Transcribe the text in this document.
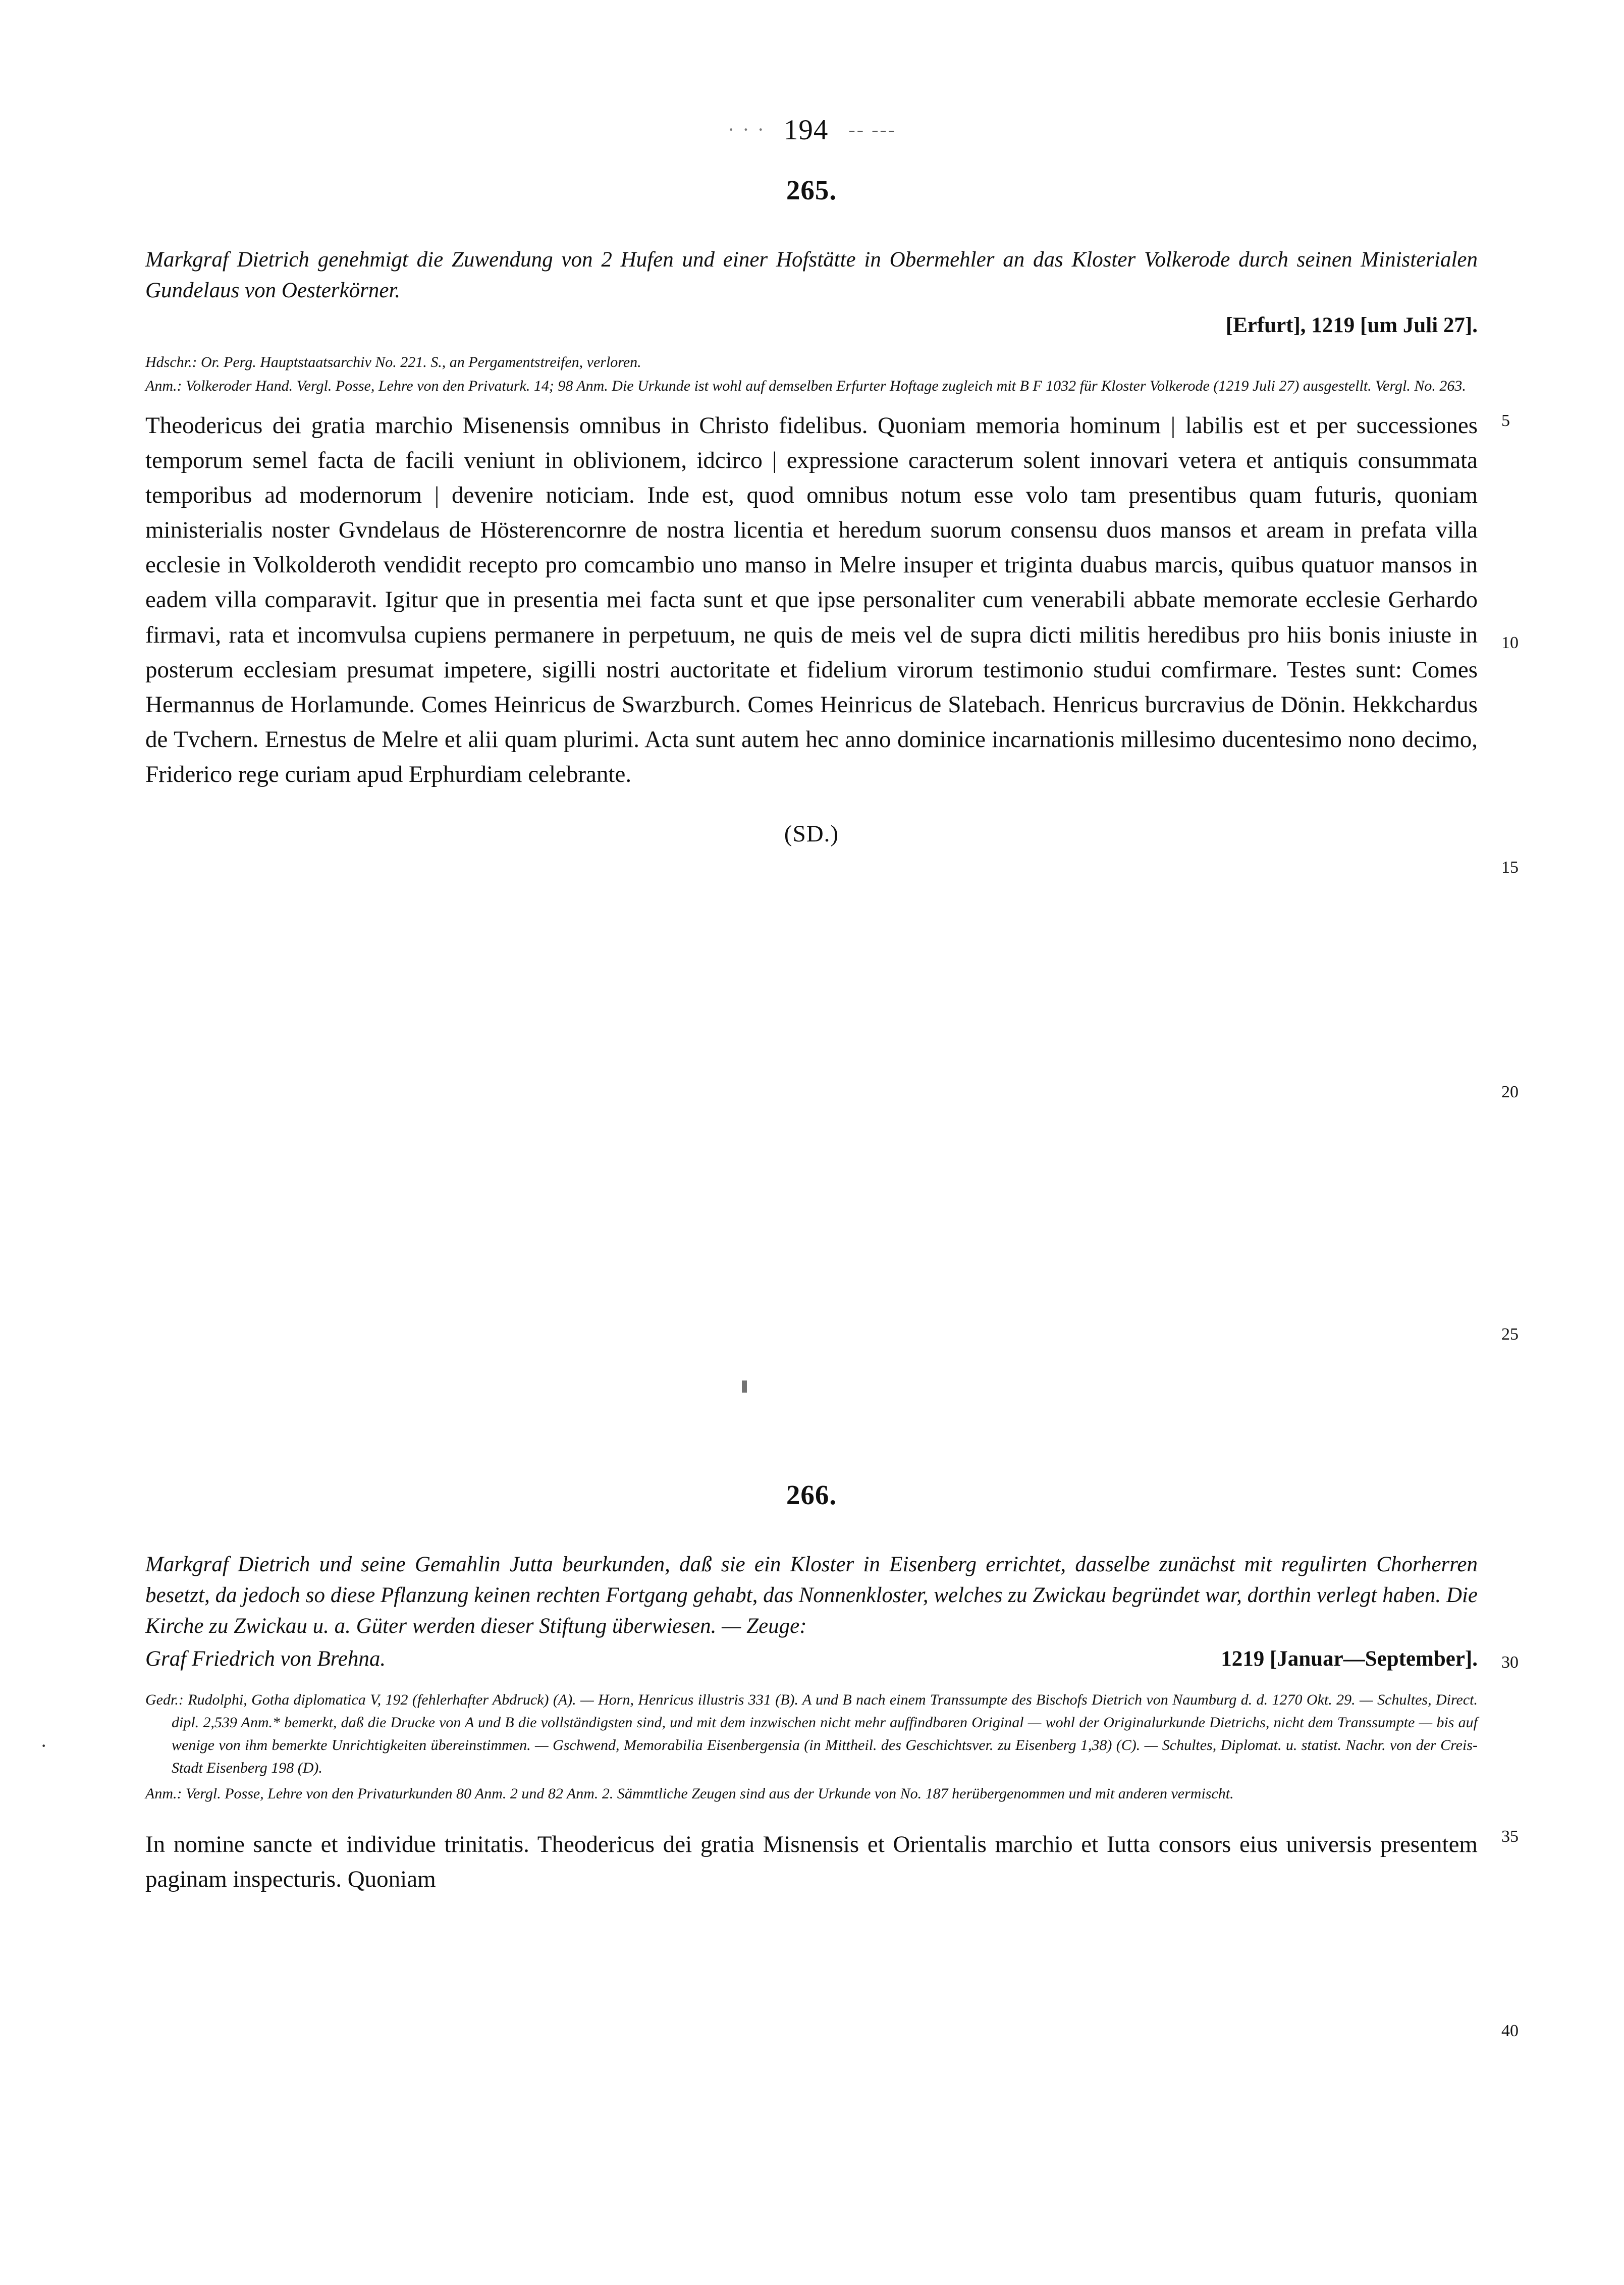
· · · 194 -- ---
265.
Markgraf Dietrich genehmigt die Zuwendung von 2 Hufen und einer Hofstätte in Obermehler an das Kloster Volkerode durch seinen Ministerialen Gundelaus von Oesterkörner.
[Erfurt], 1219 [um Juli 27].

Hdschr.: Or. Perg. Hauptstaatsarchiv No. 221. S., an Pergamentstreifen, verloren.

Anm.: Volkeroder Hand. Vergl. Posse, Lehre von den Privaturk. 14; 98 Anm. Die Urkunde ist wohl auf demselben Erfurter Hoftage zugleich mit B F 1032 für Kloster Volkerode (1219 Juli 27) ausgestellt. Vergl. No. 263.

Theodericus dei gratia marchio Misenensis omnibus in Christo fidelibus. Quoniam memoria hominum | labilis est et per successiones temporum semel facta de facili veniunt in oblivionem, idcirco | expressione caracterum solent innovari vetera et antiquis consummata temporibus ad modernorum | devenire noticiam. Inde est, quod omnibus notum esse volo tam presentibus quam futuris, quoniam ministerialis noster Gvndelaus de Hösterencornre de nostra licentia et heredum suorum consensu duos mansos et aream in prefata villa ecclesie in Volkolderoth vendidit recepto pro comcambio uno manso in Melre insuper et triginta duabus marcis, quibus quatuor mansos in eadem villa comparavit. Igitur que in presentia mei facta sunt et que ipse personaliter cum venerabili abbate memorate ecclesie Gerhardo firmavi, rata et incomvulsa cupiens permanere in perpetuum, ne quis de meis vel de supra dicti militis heredibus pro hiis bonis iniuste in posterum ecclesiam presumat impetere, sigilli nostri auctoritate et fidelium virorum testimonio studui comfirmare. Testes sunt: Comes Hermannus de Horlamunde. Comes Heinricus de Swarzburch. Comes Heinricus de Slatebach. Henricus burcravius de Dönin. Hekkchardus de Tvchern. Ernestus de Melre et alii quam plurimi. Acta sunt autem hec anno dominice incarnationis millesimo ducentesimo nono decimo, Friderico rege curiam apud Erphurdiam celebrante.
(SD.)
266.
Markgraf Dietrich und seine Gemahlin Jutta beurkunden, daß sie ein Kloster in Eisenberg errichtet, dasselbe zunächst mit regulirten Chorherren besetzt, da jedoch so diese Pflanzung keinen rechten Fortgang gehabt, das Nonnenkloster, welches zu Zwickau begründet war, dorthin verlegt haben. Die Kirche zu Zwickau u. a. Güter werden dieser Stiftung überwiesen. — Zeuge:
Graf Friedrich von Brehna.	1219 [Januar—September].

Gedr.: Rudolphi, Gotha diplomatica V, 192 (fehlerhafter Abdruck) (A). — Horn, Henricus illustris 331 (B). A und B nach einem Transsumpte des Bischofs Dietrich von Naumburg d. d. 1270 Okt. 29. — Schultes, Direct. dipl. 2,539 Anm.* bemerkt, daß die Drucke von A und B die vollständigsten sind, und mit dem inzwischen nicht mehr auffindbaren Original — wohl der Originalurkunde Dietrichs, nicht dem Transsumpte — bis auf wenige von ihm bemerkte Unrichtigkeiten übereinstimmen. — Gschwend, Memorabilia Eisenbergensia (in Mittheil. des Geschichtsver. zu Eisenberg 1,38) (C). — Schultes, Diplomat. u. statist. Nachr. von der Creis-Stadt Eisenberg 198 (D).

Anm.: Vergl. Posse, Lehre von den Privaturkunden 80 Anm. 2 und 82 Anm. 2. Sämmtliche Zeugen sind aus der Urkunde von No. 187 herübergenommen und mit anderen vermischt.

In nomine sancte et individue trinitatis. Theodericus dei gratia Misnensis et Orientalis marchio et Iutta consors eius universis presentem paginam inspecturis. Quoniam
5
10
15
20
25
30
35
40
·
